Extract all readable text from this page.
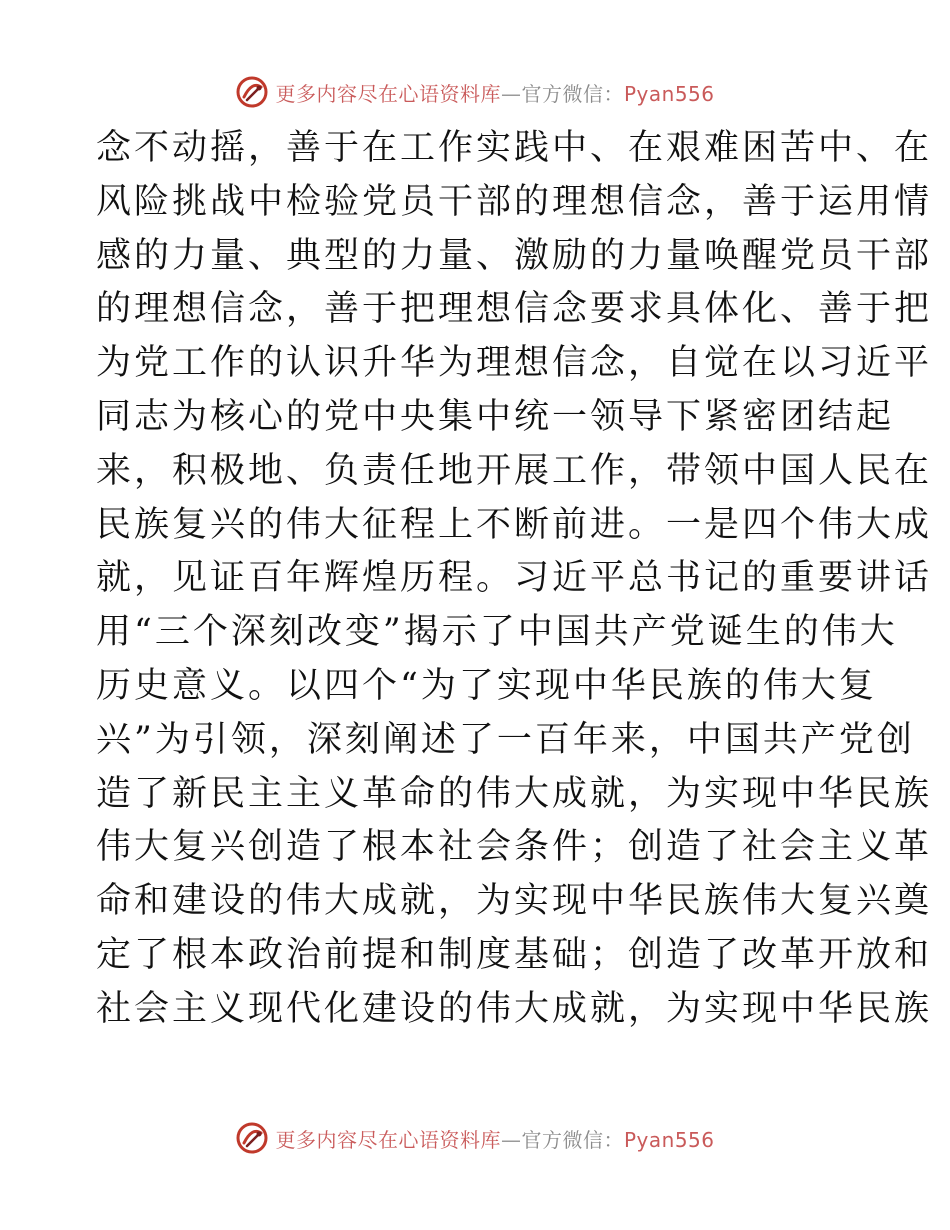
更多内容尽在心语资料库—官方微信：Pyan556
念不动摇，善于在工作实践中、在艰难困苦中、在
风险挑战中检验党员干部的理想信念，善于运用情
感的力量、典型的力量、激励的力量唤醒党员干部
的理想信念，善于把理想信念要求具体化、善于把
为党工作的认识升华为理想信念，自觉在以习近平
同志为核心的党中央集中统一领导下紧密团结起
来，积极地、负责任地开展工作，带领中国人民在
民族复兴的伟大征程上不断前进。一是四个伟大成
就，见证百年辉煌历程。习近平总书记的重要讲话
用“三个深刻改变”揭示了中国共产党诞生的伟大
历史意义。以四个“为了实现中华民族的伟大复
兴”为引领，深刻阐述了一百年来，中国共产党创
造了新民主主义革命的伟大成就，为实现中华民族
伟大复兴创造了根本社会条件；创造了社会主义革
命和建设的伟大成就，为实现中华民族伟大复兴奠
定了根本政治前提和制度基础；创造了改革开放和
社会主义现代化建设的伟大成就，为实现中华民族
更多内容尽在心语资料库—官方微信：Pyan556
